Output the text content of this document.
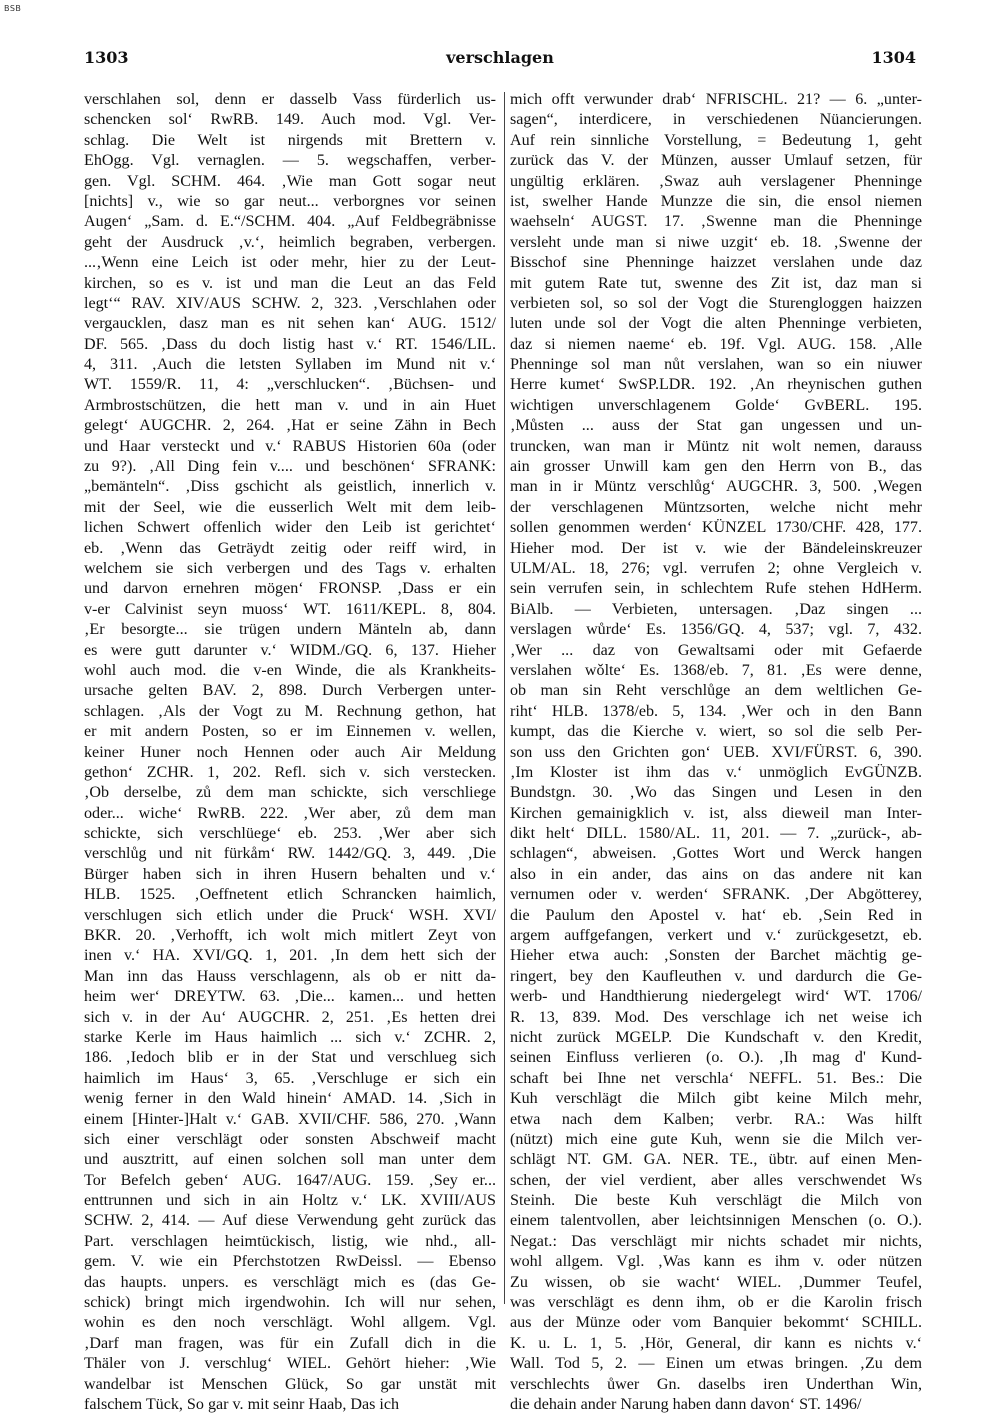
BSB
1303	verschlagen	1304
verschlahen sol, denn er dasselb Vass fürderlich us-
schencken sol‘ RwRB. 149. Auch mod. Vgl. Ver-
schlag. Die Welt ist nirgends mit Brettern v.
EhOgg. Vgl. vernaglen. — 5. wegschaffen, verber-
gen. Vgl. SCHM. 464. ‚Wie man Gott sogar neut
[nichts] v., wie so gar neut... verborgnes vor seinen
Augen‘ „Sam. d. E.“/SCHM. 404. „Auf Feldbegräbnisse
geht der Ausdruck ‚v.‘, heimlich begraben, verbergen.
...‚Wenn eine Leich ist oder mehr, hier zu der Leut-
kirchen, so es v. ist und man die Leut an das Feld
legt‘“ RAV. XIV/AUS SCHW. 2, 323. ‚Verschlahen oder
vergaucklen, dasz man es nit sehen kan‘ AUG. 1512/
DF. 565. ‚Dass du doch listig hast v.‘ RT. 1546/LIL.
4, 311. ‚Auch die letsten Syllaben im Mund nit v.‘
WT. 1559/R. 11, 4: „verschlucken“. ‚Büchsen- und
Armbrostschützen, die hett man v. und in ain Huet
gelegt‘ AUGCHR. 2, 264. ‚Hat er seine Zähn in Bech
und Haar versteckt und v.‘ RABUS Historien 60a (oder
zu 9?). ‚All Ding fein v.... und beschönen‘ SFRANK:
„bemänteln“. ‚Diss gschicht als geistlich, innerlich v.
mit der Seel, wie die eusserlich Welt mit dem leib-
lichen Schwert offenlich wider den Leib ist gerichtet‘
eb. ‚Wenn das Geträydt zeitig oder reiff wird, in
welchem sie sich verbergen und des Tags v. erhalten
und darvon ernehren mögen‘ FRONSP. ‚Dass er ein
v-er Calvinist seyn muoss‘ WT. 1611/KEPL. 8, 804.
‚Er besorgte... sie trügen undern Mänteln ab, dann
es were gutt darunter v.‘ WIDM./GQ. 6, 137. Hieher
wohl auch mod. die v-en Winde, die als Krankheits-
ursache gelten BAV. 2, 898. Durch Verbergen unter-
schlagen. ‚Als der Vogt zu M. Rechnung gethon, hat
er mit andern Posten, so er im Einnemen v. wellen,
keiner Huner noch Hennen oder auch Air Meldung
gethon‘ ZCHR. 1, 202. Refl. sich v. sich verstecken.
‚Ob derselbe, zů dem man schickte, sich verschliege
oder... wiche‘ RwRB. 222. ‚Wer aber, zů dem man
schickte, sich verschlüege‘ eb. 253. ‚Wer aber sich
verschlůg und nit fürkåm‘ RW. 1442/GQ. 3, 449. ‚Die
Bürger haben sich in ihren Husern behalten und v.‘
HLB. 1525. ‚Oeffnetent etlich Schrancken haimlich,
verschlugen sich etlich under die Pruck‘ WSH. XVI/
BKR. 20. ‚Verhofft, ich wolt mich mitlert Zeyt von
inen v.‘ HA. XVI/GQ. 1, 201. ‚In dem hett sich der
Man inn das Hauss verschlagenn, als ob er nitt da-
heim wer‘ DREYTW. 63. ‚Die... kamen... und hetten
sich v. in der Au‘ AUGCHR. 2, 251. ‚Es hetten drei
starke Kerle im Haus haimlich ... sich v.‘ ZCHR. 2,
186. ‚Iedoch blib er in der Stat und verschlueg sich
haimlich im Haus‘ 3, 65. ‚Verschluge er sich ein
wenig ferner in den Wald hinein‘ AMAD. 14. ‚Sich in
einem [Hinter-]Halt v.‘ GAB. XVII/CHF. 586, 270. ‚Wann
sich einer verschlägt oder sonsten Abschweif macht
und ausztritt, auf einen solchen soll man unter dem
Tor Befelch geben‘ AUG. 1647/AUG. 159. ‚Sey er...
enttrunnen und sich in ain Holtz v.‘ LK. XVIII/AUS
SCHW. 2, 414. — Auf diese Verwendung geht zurück das
Part. verschlagen heimtückisch, listig, wie nhd., all-
gem. V. wie ein Pferchstotzen RwDeissl. — Ebenso
das haupts. unpers. es verschlägt mich es (das Ge-
schick) bringt mich irgendwohin. Ich will nur sehen,
wohin es den noch verschlägt. Wohl allgem. Vgl.
‚Darf man fragen, was für ein Zufall dich in die
Thäler von J. verschlug‘ WIEL. Gehört hieher: ‚Wie
wandelbar ist Menschen Glück, So gar unstät mit
falschem Tück, So gar v. mit seinr Haab, Das ich
mich offt verwunder drab‘ NFRISCHL. 21? — 6. „unter-
sagen“, interdicere, in verschiedenen Nüancierungen.
Auf rein sinnliche Vorstellung, = Bedeutung 1, geht
zurück das V. der Münzen, ausser Umlauf setzen, für
ungültig erklären. ‚Swaz auh verslagener Phenninge
ist, swelher Hande Munzze die sin, die ensol niemen
waehseln‘ AUGST. 17. ‚Swenne man die Phenninge
versleht unde man si niwe uzgit‘ eb. 18. ‚Swenne der
Bisschof sine Phenninge haizzet verslahen unde daz
mit gutem Rate tut, swenne des Zit ist, daz man si
verbieten sol, so sol der Vogt die Sturengloggen haizzen
luten unde sol der Vogt die alten Phenninge verbieten,
daz si niemen naeme‘ eb. 19f. Vgl. AUG. 158. ‚Alle
Phenninge sol man nůt verslahen, wan so ein niuwer
Herre kumet‘ SwSP.LDR. 192. ‚An rheynischen guthen
wichtigen unverschlagenem Golde‘ GvBERL. 195.
‚Můsten ... auss der Stat gan ungessen und un-
truncken, wan man ir Müntz nit wolt nemen, darauss
ain grosser Unwill kam gen den Herrn von B., das
man in ir Müntz verschlůg‘ AUGCHR. 3, 500. ‚Wegen
der verschlagenen Müntzsorten, welche nicht mehr
sollen genommen werden‘ KÜNZEL 1730/CHF. 428, 177.
Hieher mod. Der ist v. wie der Bändeleinskreuzer
ULM/AL. 18, 276; vgl. verrufen 2; ohne Vergleich v.
sein verrufen sein, in schlechtem Rufe stehen HdHerm.
BiAlb. — Verbieten, untersagen. ‚Daz singen ...
verslagen wůrde‘ Es. 1356/GQ. 4, 537; vgl. 7, 432.
‚Wer ... daz von Gewaltsami oder mit Gefaerde
verslahen wǒlte‘ Es. 1368/eb. 7, 81. ‚Es were denne,
ob man sin Reht verschlůge an dem weltlichen Ge-
riht‘ HLB. 1378/eb. 5, 134. ‚Wer och in den Bann
kumpt, das die Kierche v. wiert, so sol die selb Per-
son uss den Grichten gon‘ UEB. XVI/FÜRST. 6, 390.
‚Im Kloster ist ihm das v.‘ unmöglich EvGÜNZB.
Bundstgn. 30. ‚Wo das Singen und Lesen in den
Kirchen gemainigklich v. ist, alss dieweil man Inter-
dikt helt‘ DILL. 1580/AL. 11, 201. — 7. „zurück-, ab-
schlagen“, abweisen. ‚Gottes Wort und Werck hangen
also in ein ander, das ains on das andere nit kan
vernumen oder v. werden‘ SFRANK. ‚Der Abgötterey,
die Paulum den Apostel v. hat‘ eb. ‚Sein Red in
argem auffgefangen, verkert und v.‘ zurückgesetzt, eb.
Hieher etwa auch: ‚Sonsten der Barchet mächtig ge-
ringert, bey den Kaufleuthen v. und dardurch die Ge-
werb- und Handthierung niedergelegt wird‘ WT. 1706/
R. 13, 839. Mod. Des verschlage ich net weise ich
nicht zurück MGELP. Die Kundschaft v. den Kredit,
seinen Einfluss verlieren (o. O.). ‚Ih mag d' Kund-
schaft bei Ihne net verschla‘ NEFFL. 51. Bes.: Die
Kuh verschlägt die Milch gibt keine Milch mehr,
etwa nach dem Kalben; verbr. RA.: Was hilft
(nützt) mich eine gute Kuh, wenn sie die Milch ver-
schlägt NT. GM. GA. NER. TE., übtr. auf einen Men-
schen, der viel verdient, aber alles verschwendet Ws
Steinh. Die beste Kuh verschlägt die Milch von
einem talentvollen, aber leichtsinnigen Menschen (o. O.).
Negat.: Das verschlägt mir nichts schadet mir nichts,
wohl allgem. Vgl. ‚Was kann es ihm v. oder nützen
Zu wissen, ob sie wacht‘ WIEL. ‚Dummer Teufel,
was verschlägt es denn ihm, ob er die Karolin frisch
aus der Münze oder vom Banquier bekommt‘ SCHILL.
K. u. L. 1, 5. ‚Hör, General, dir kann es nichts v.‘
Wall. Tod 5, 2. — Einen um etwas bringen. ‚Zu dem
verschlechts ůwer Gn. daselbs iren Underthan Win,
die dehain ander Narung haben dann davon‘ ST. 1496/
